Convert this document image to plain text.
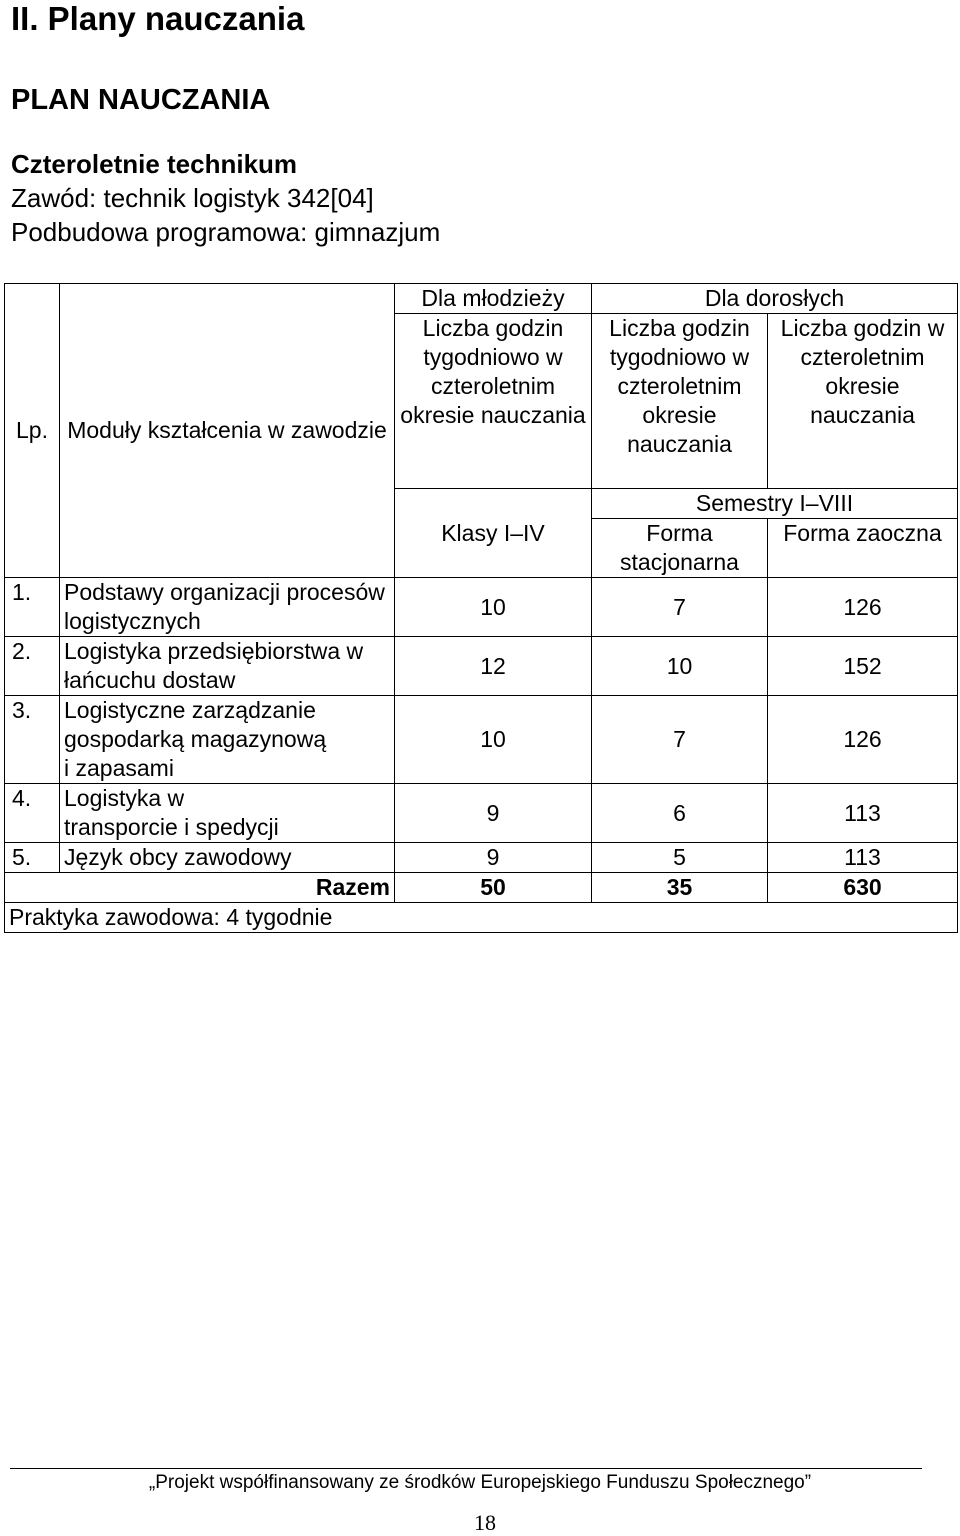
II. Plany nauczania
PLAN NAUCZANIA
Czteroletnie technikum
Zawód: technik logistyk 342[04]
Podbudowa programowa: gimnazjum
Lp.	Moduły kształcenia w zawodzie	Dla młodzieży	Dla dorosłych	
		Liczba godzin tygodniowo w czteroletnim okresie nauczania	Liczba godzin tygodniowo w czteroletnim okresie nauczania	Liczba godzin w czteroletnim okresie nauczania
		Klasy I–IV	Semestry I–VIII	
			Forma stacjonarna	Forma zaoczna
1.	Podstawy organizacji procesów logistycznych	10	7	126
2.	Logistyka przedsiębiorstwa w łańcuchu dostaw	12	10	152
3.	Logistyczne zarządzanie gospodarką magazynową i zapasami	10	7	126
4.	Logistyka w transporcie i spedycji	9	6	113
5.	Język obcy zawodowy	9	5	113
Razem		50	35	630
Praktyka zawodowa: 4 tygodnie				
„Projekt współfinansowany ze środków Europejskiego Funduszu Społecznego”
18
